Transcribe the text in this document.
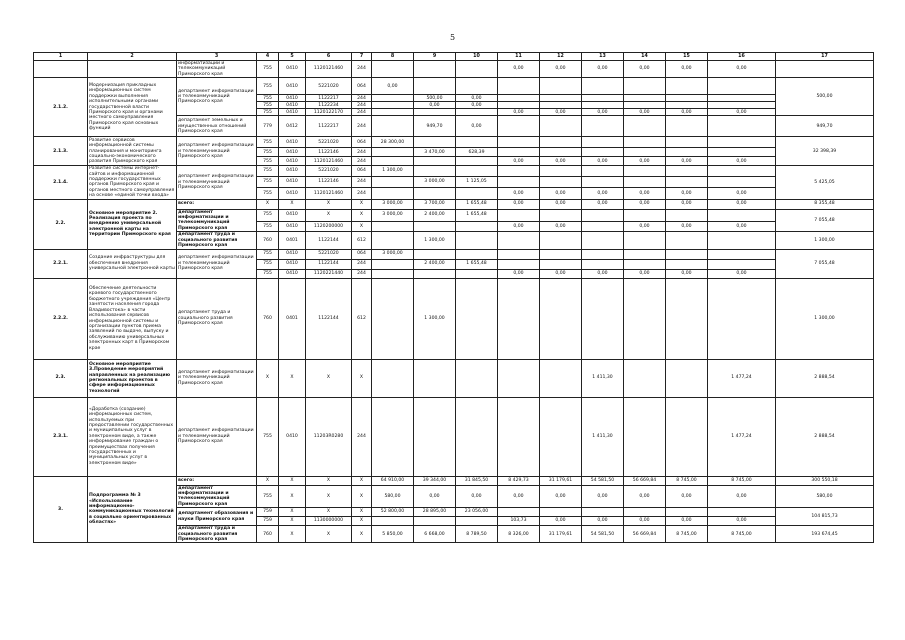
5
1	2	3	4	5	6	7	8	9	10	11	12	13	14	15	16	17
		информатизации и телекоммуникаций Приморского края	755	0410	1120121460	244				0,00	0,00	0,00	0,00	0,00	0,00	
2.1.2.	Модернизация прикладных информационных систем поддержки выполнения исполнительными органами государственной власти Приморского края и органами местного самоуправления Приморского края основных функций	департамент информатизации и телекоммуникаций Приморского края	755	0410	5221020	064	0,00									500,00
			755	0410	1122217	244		500,00	0,00							
			755	0410	1122234	244		0,00	0,00							
			755	0410	1120122170	244				0,00	0,00	0,00	0,00	0,00	0,00	
		департамент земельных и имущественных отношений Приморского края	779	0412	1122217	244		949,70	0,00							949,70
2.1.3.	Развитие сервисов информационной системы планирования и мониторинга социально-экономического развития Приморского края	департамент информатизации и телекоммуникаций Приморского края	755	0410	5221020	064	28 300,00									32 398,39
			755	0410	1122146	244		3 470,00	628,39							
			755	0410	1120121460	244				0,00	0,00	0,00	0,00	0,00	0,00	
2.1.4.	Развитие системы интернет-сайтов и информационной поддержки государственных органов Приморского края и органов местного самоуправления на основе «единой точки входа»	департамент информатизации и телекоммуникаций Приморского края	755	0410	5221020	064	1 300,00									5 425,05
			755	0410	1122146	244		3 000,00	1 125,05							
			755	0410	1120121460	244				0,00	0,00	0,00	0,00	0,00	0,00	
2.2.	Основное мероприятие 2. Реализация проекта по внедрению универсальной электронной карты на территории Приморского края	всего:	X	X	X	X	3 000,00	3 700,00	1 655,48	0,00	0,00	0,00	0,00	0,00	0,00	8 355,48
		департамент информатизации и телекоммуникаций Приморского края	755	0410	X	X	3 000,00	2 400,00	1 655,48							7 055,48
			755	0410	1120200000	X				0,00	0,00		0,00	0,00	0,00	
		департамент труда и социального развития Приморского края	760	0401	1122144	612		1 300,00								1 300,00
2.2.1.	Создание инфраструктуры для обеспечения внедрения универсальной электронной карты	департамент информатизации и телекоммуникаций Приморского края	755	0410	5221020	064	3 000,00									7 055,48
			755	0410	1122144	244		2 400,00	1 655,48							
			755	0410	1120221440	244				0,00	0,00	0,00	0,00	0,00	0,00	
2.2.2.	Обеспечение деятельности краевого государственного бюджетного учреждения «Центр занятости населения города Владивостока» в части использования сервисов информационной системы и организации пунктов приема заявлений по выдаче, выпуску и обслуживанию универсальных электронных карт в Приморском крае	департамент труда и социального развития Приморского края	760	0401	1122144	612		1 300,00								1 300,00
2.3.	Основное мероприятие 3.Проведение мероприятий направленных на реализацию региональных проектов в сфере информационных технологий	департамент информатизации и телекоммуникаций Приморского края	X	X	X	X						1 411,30			1 477,24	2 888,54
2.3.1.	«Доработка (создание) информационных систем, используемых при предоставлении государственных и муниципальных услуг в электронном виде, а также информирование граждан о преимуществах получения государственных и муниципальных услуг в электронном виде»	департамент информатизации и телекоммуникаций Приморского края	755	0410	11203R0280	244						1 411,30			1 477,24	2 888,54
3.	Подпрограмма № 3 «Использование информационно-коммуникационных технологий в социально ориентированных областях»	всего:	X	X	X	X	64 910,00	39 344,00	31 845,50	8 429,73	31 179,61	54 581,50	56 669,84	8 745,00	8 745,00	300 550,18
		департамент информатизации и телекоммуникаций Приморского края	755	X	X	X	580,00	0,00	0,00	0,00	0,00	0,00	0,00	0,00	0,00	580,00
		департамент образования и науки Приморского края	759	X	X	X	52 800,00	28 895,00	23 056,00							104 815,73
			759	X	1130000000	X				103,73	0,00	0,00	0,00	0,00	0,00	
		департамент труда и социального развития Приморского края	760	X	X	X	5 850,00	6 668,00	8 789,50	8 326,00	31 179,61	54 581,50	56 669,84	8 745,00	8 745,00	193 674,45
